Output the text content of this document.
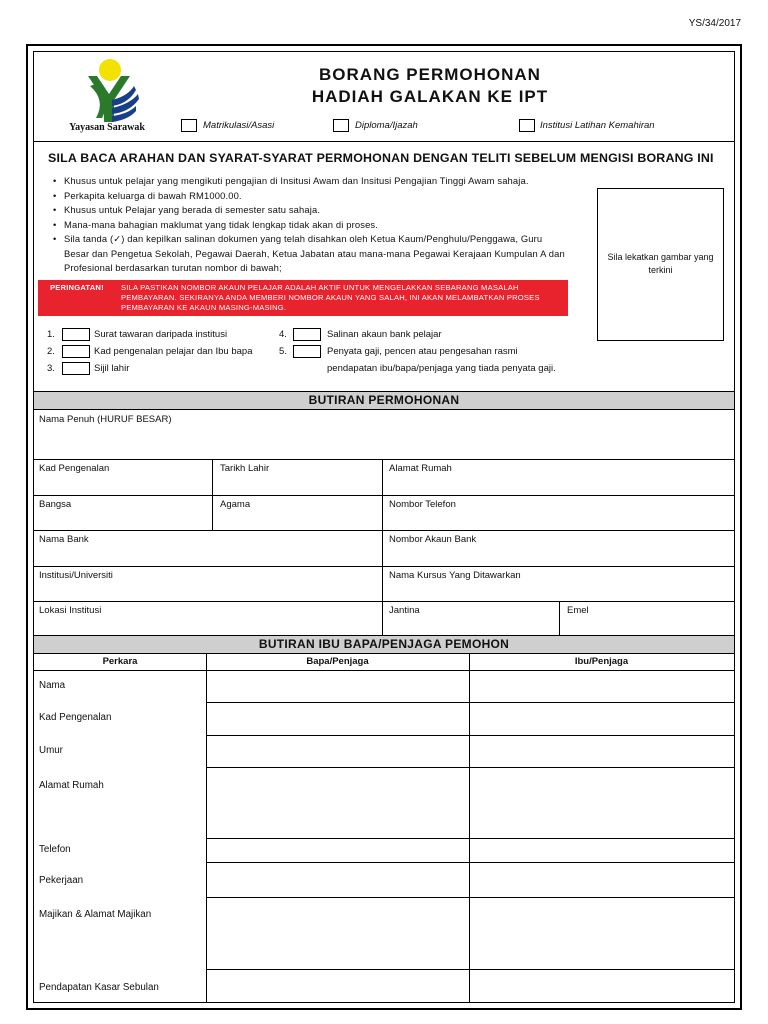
YS/34/2017
Yayasan Sarawak
BORANG PERMOHONAN
HADIAH GALAKAN KE IPT
Matrikulasi/Asasi	Diploma/Ijazah	Institusi Latihan Kemahiran
SILA BACA ARAHAN DAN SYARAT-SYARAT PERMOHONAN DENGAN TELITI SEBELUM MENGISI BORANG INI
• Khusus untuk pelajar yang mengikuti pengajian di Insitusi Awam dan Insitusi Pengajian Tinggi Awam sahaja.
• Perkapita keluarga di bawah RM1000.00.
• Khusus untuk Pelajar yang berada di semester satu sahaja.
• Mana-mana bahagian maklumat yang tidak lengkap tidak akan di proses.
• Sila tanda (✓) dan kepilkan salinan dokumen yang telah disahkan oleh Ketua Kaum/Penghulu/Penggawa, Guru Besar dan Pengetua Sekolah, Pegawai Daerah, Ketua Jabatan atau mana-mana Pegawai Kerajaan Kumpulan A dan Profesional berdasarkan turutan nombor di bawah;
Sila lekatkan gambar yang terkini
PERINGATAN! SILA PASTIKAN NOMBOR AKAUN PELAJAR ADALAH AKTIF UNTUK MENGELAKKAN SEBARANG MASALAH PEMBAYARAN. SEKIRANYA ANDA MEMBERI NOMBOR AKAUN YANG SALAH, INI AKAN MELAMBATKAN PROSES PEMBAYARAN KE AKAUN MASING-MASING.
1.	Surat tawaran daripada institusi
2.	Kad pengenalan pelajar dan Ibu bapa
3.	Sijil lahir
4.	Salinan akaun bank pelajar
5.	Penyata gaji, pencen atau pengesahan rasmi
pendapatan ibu/bapa/penjaga yang tiada penyata gaji.
BUTIRAN PERMOHONAN
Nama Penuh (HURUF BESAR)
Kad Pengenalan	Tarikh Lahir	Alamat Rumah
Bangsa	Agama	Nombor Telefon
Nama Bank	Nombor Akaun Bank
Institusi/Universiti	Nama Kursus Yang Ditawarkan
Lokasi Institusi	Jantina	Emel
BUTIRAN IBU BAPA/PENJAGA PEMOHON
Perkara	Bapa/Penjaga	Ibu/Penjaga
Nama
Kad Pengenalan
Umur
Alamat Rumah
Telefon
Pekerjaan
Majikan & Alamat Majikan
Pendapatan Kasar Sebulan
